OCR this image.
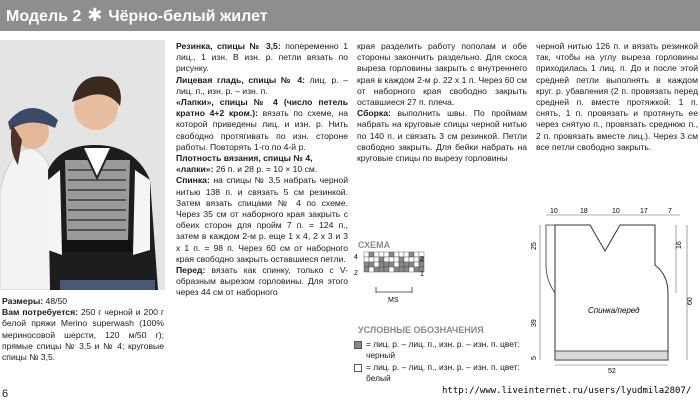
Модель 2 ✱ Чёрно-белый жилет

Размеры: 48/50

Вам потребуется: 250 г черной и 200 г белой пряжи Merino superwash (100% мериносовой шерсти, 120 м/50 г); прямые спицы № 3,5 и № 4; круговые спицы № 3,5.

Резинка, спицы № 3,5: попеременно 1 лиц., 1 изн. В изн. р. петли вязать по рисунку.

Лицевая гладь, спицы № 4: лиц. р. – лиц. п., изн. р. – изн. п.

«Лапки», спицы № 4 (число петель кратно 4+2 кром.): вязать по схеме, на которой приведены лиц. и изн. р. Нить свободно протягивать по изн. стороне работы. Повторять 1-го по 4-й р.

Плотность вязания, спицы № 4,
«лапки»: 26 п. и 28 р. = 10 × 10 см.

Спинка: на спицы № 3,5 набрать черной нитью 138 п. и связать 5 см резинкой. Затем вязать спицами № 4 по схеме. Через 35 см от наборного края закрыть с обеих сторон для пройм 7 п. = 124 п., затем в каждом 2-м р. еще 1 х 4, 2 х 3 и 3 х 1 п. = 98 п. Через 60 см от наборного края свободно закрыть оставшиеся петли.

Перед: вязать как спинку, только с V-образным вырезом горловины. Для этого через 44 см от наборного

края разделить работу пополам и обе стороны закончить раздельно. Для скоса выреза горловины закрыть с внутреннего края в каждом 2-м р. 22 х 1 п. Через 60 см от наборного края свободно закрыть оставшиеся 27 п. плеча.

Сборка: выполнить швы. По проймам набрать на круговые спицы черной нитью по 140 п. и связать 3 см резинкой. Петли свободно закрыть. Для бейки набрать на круговые спицы по вырезу горловины

СХЕМА
4
2
2
1
MS
УСЛОВНЫЕ ОБОЗНАЧЕНИЯ
= лиц. р. – лиц. п., изн. р. – изн. п. цвет: черный
= лиц. р. – лиц. п., изн. р. – изн. п. цвет: белый

черной нитью 126 п. и вязать резинкой так, чтобы на углу выреза горловины приходилась 1 лиц. п. До и после этой средней петли выполнять в каждом круг. р. убавления (2 п. провязать перед средней п. вместе протяжкой: 1 п. снять, 1 п. провязать и протянуть ее через снятую п., провязать среднюю п., 2 п. провязать вместе лиц.). Через 3 см все петли свободно закрыть.

10	18	10	17	7
25
39
5
16
60
52
Спинка/перед
6	http://www.liveinternet.ru/users/lyudmila2807/
